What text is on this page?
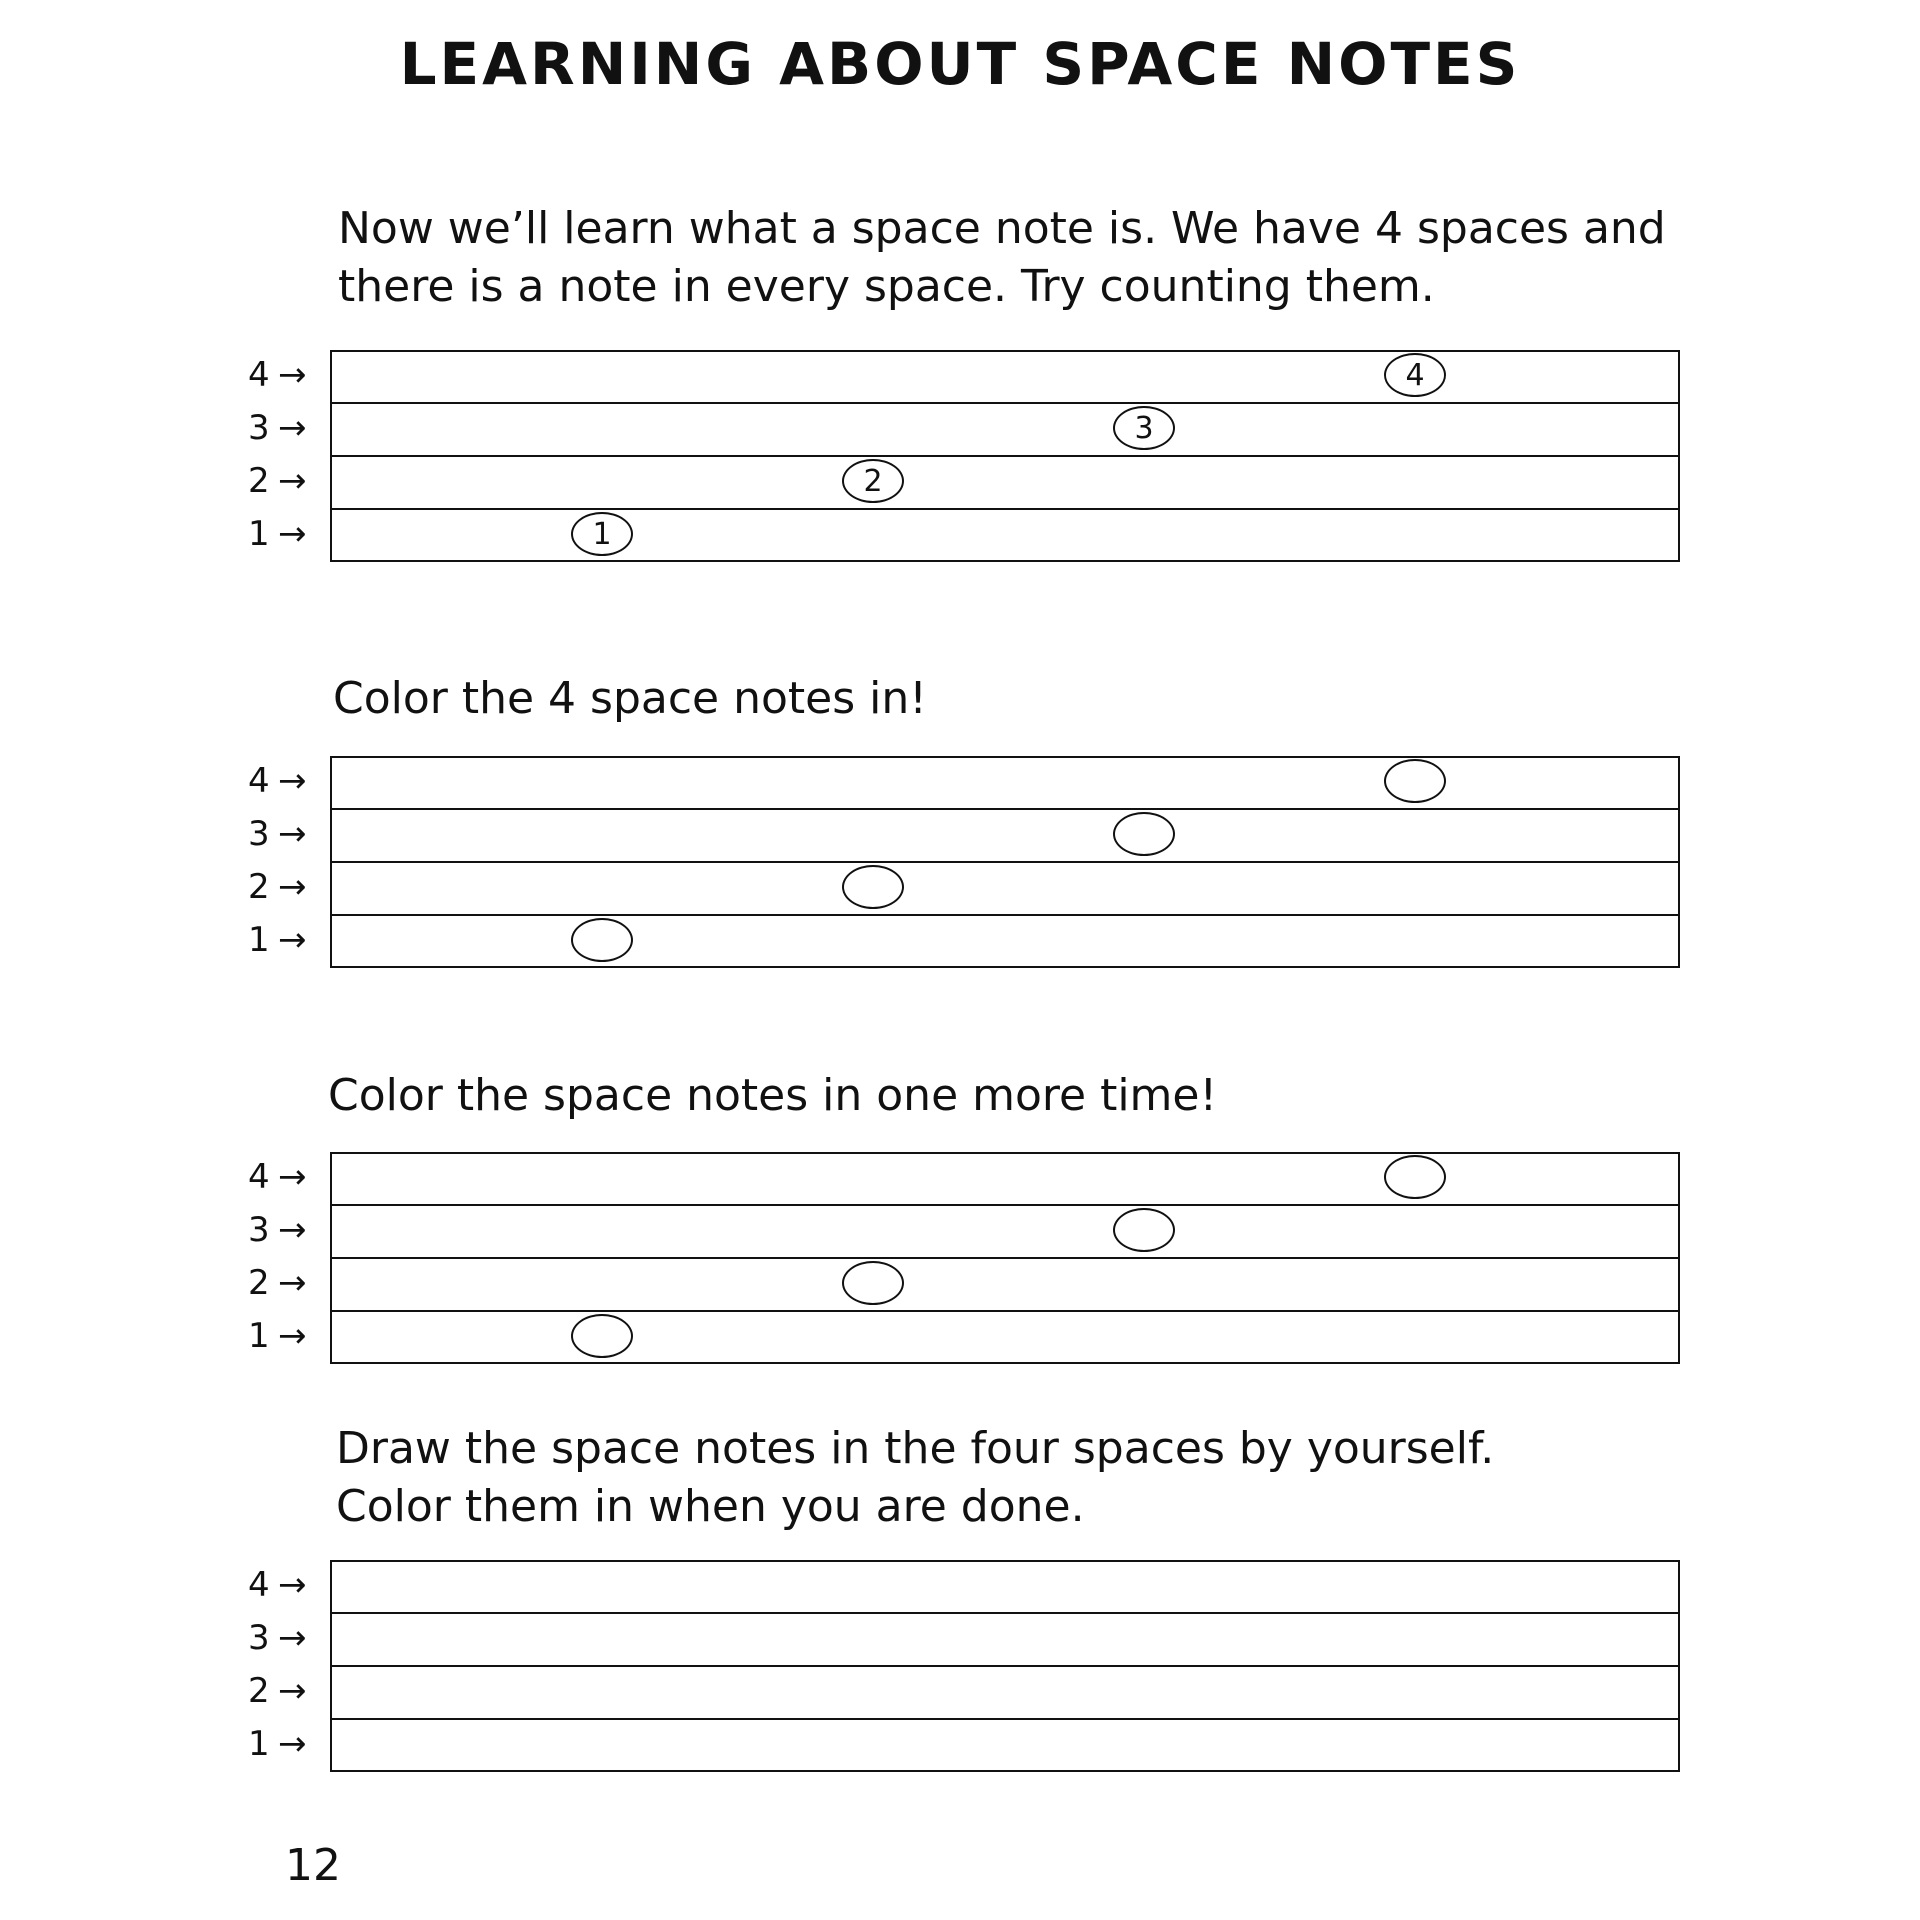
LEARNING ABOUT SPACE NOTES

Now we’ll learn what a space note is. We have 4 spaces and

there is a note in every space. Try counting them.

4 →
3 →
2 →
1 →	1
2
3
4

Color the 4 space notes in!

4 →
3 →
2 →
1 →

Color the space notes in one more time!

4 →
3 →
2 →
1 →

Draw the space notes in the four spaces by yourself.

Color them in when you are done.

4 →
3 →
2 →
1 →

12
